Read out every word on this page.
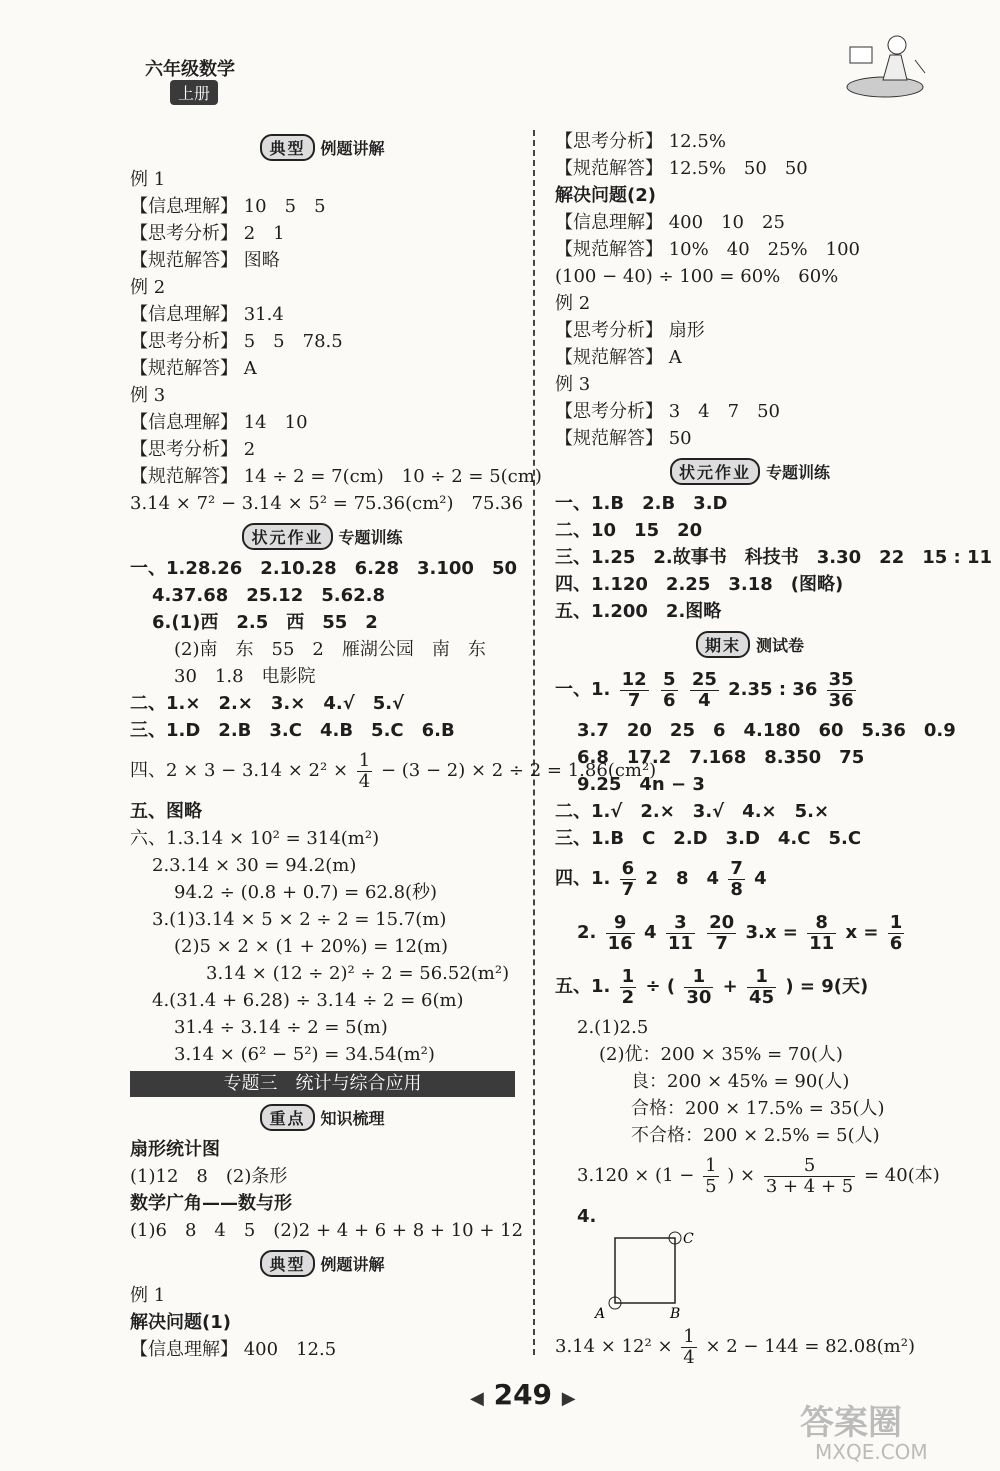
六年级数学
上册
典型 例题讲解
例 1
【信息理解】 10　5　5
【思考分析】 2　1
【规范解答】 图略
例 2
【信息理解】 31.4
【思考分析】 5　5　78.5
【规范解答】 A
例 3
【信息理解】 14　10
【思考分析】 2
【规范解答】 14 ÷ 2 = 7(cm)　10 ÷ 2 = 5(cm)
3.14 × 7² − 3.14 × 5² = 75.36(cm²)　75.36
状元作业 专题训练
一、1.28.26　2.10.28　6.28　3.100　50
4.37.68　25.12　5.62.8
6.(1)西　2.5　西　55　2
(2)南　东　55　2　雁湖公园　南　东
30　1.8　电影院
二、1.×　2.×　3.×　4.√　5.√
三、1.D　2.B　3.C　4.B　5.C　6.B
四、$2 \times 3 - 3.14 \times 2^2 \times \frac{1}{4} - (3 - 2) \times 2 \div 2 = 1.86(cm^2)$
五、图略
六、1.3.14 × 10² = 314(m²)
2.3.14 × 30 = 94.2(m)
94.2 ÷ (0.8 + 0.7) = 62.8(秒)
3.(1)3.14 × 5 × 2 ÷ 2 = 15.7(m)
(2)5 × 2 × (1 + 20%) = 12(m)
3.14 × (12 ÷ 2)² ÷ 2 = 56.52(m²)
4.(31.4 + 6.28) ÷ 3.14 ÷ 2 = 6(m)
31.4 ÷ 3.14 ÷ 2 = 5(m)
3.14 × (6² − 5²) = 34.54(m²)
专题三　统计与综合应用
重点 知识梳理
扇形统计图
(1)12　8　(2)条形
数学广角——数与形
(1)6　8　4　5　(2)2 + 4 + 6 + 8 + 10 + 12
典型 例题讲解
例 1
解决问题(1)
【信息理解】 400　12.5
【思考分析】 12.5%
【规范解答】 12.5%　50　50
解决问题(2)
【信息理解】 400　10　25
【规范解答】 10%　40　25%　100
(100 − 40) ÷ 100 = 60%　60%
例 2
【思考分析】 扇形
【规范解答】 A
例 3
【思考分析】 3　4　7　50
【规范解答】 50
状元作业 专题训练
一、1.B　2.B　3.D
二、10　15　20
三、1.25　2.故事书　科技书　3.30　22　15 : 11
四、1.120　2.25　3.18　(图略)
五、1.200　2.图略
期末 测试卷
一、1. $\frac{12}{7}$
$\frac{5}{6}$
$\frac{25}{4} 2.35$ : $36 \frac{35}{36}$
3.7　20　25　6　4.180　60　5.36　0.9
6.8　17.2　7.168　8.350　75
9.25　4n − 3
二、1.√　2.×　3.√　4.×　5.×
三、1.B　C　2.D　3.D　4.C　5.C
四、1. $\frac{6}{7} 2$　8　$4 \frac{7}{8} 4$
2. $\frac{9}{16} 4 \frac{3}{11}$
$\frac{20}{7} 3.x = \frac{8}{11}$ $x = \frac{1}{6}$
五、1. $\frac{1}{2}$ ÷ ( $\frac{1}{30} + \frac{1}{45}$ ) = 9(天)
2.(1)2.5
(2)优：200 × 35% = 70(人)
良：200 × 45% = 90(人)
合格：200 × 17.5% = 35(人)
不合格：200 × 2.5% = 5(人)
$3.120 \times (1 - \frac{1}{5}$ ) × $\frac{5}{3 + 4 + 5} = 40$(本)
4.
A	B
C
$3.14 \times 12^2 \times \frac{1}{4} \times 2 - 144 = 82.08(m^2)$
◀ 249 ▶
答案圈
MXQE.COM
